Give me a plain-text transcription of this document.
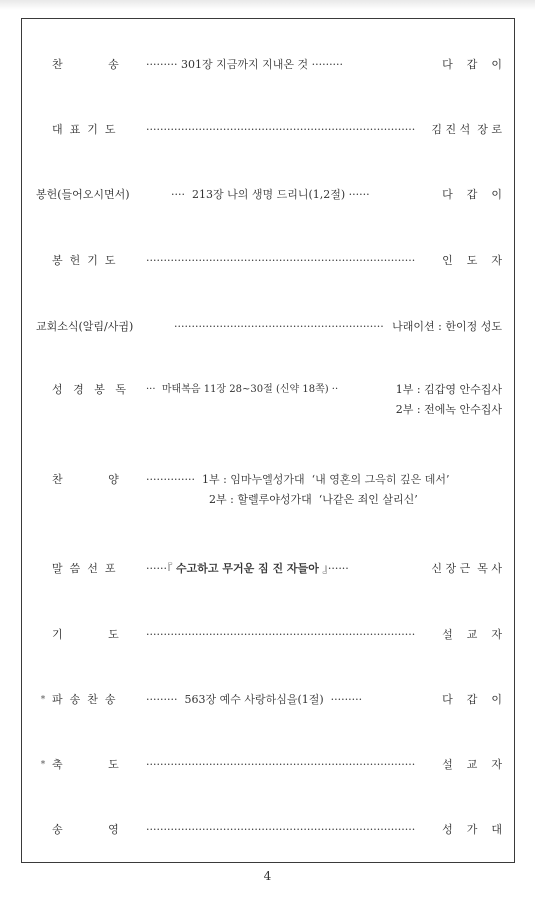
찬             송	········· 301장 지금까지 지내온 것 ·········	다    갑    이
대  표  기  도	············································································· 김 진 석  장 로
봉헌(들어오시면서)	····  213장 나의 생명 드리니(1,2절) ······	다    갑    이
봉  헌  기  도	············································································· 인    도    자
교회소식(알림/사귐)	···························································· 나래이션 : 한이정 성도
성   경   봉   독 ···  마태복음 11장 28~30절 (신약 18쪽) ··	1부 : 김갑영 안수집사
2부 : 전에녹 안수집사
찬             양 ··············  1부 : 임마누엘성가대  ‘내 영혼의 그윽히 깊은 데서’
2부 : 할렐루야성가대  ‘나같은 죄인 살리신’
말  씀  선  포	······『 수고하고 무거운 짐 진 자들아 』······	신 장 근  목 사
기             도 ············································································· 설    교    자
* 파  송  찬  송	·········  563장 예수 사랑하심을(1절)  ·········	다    갑    이
* 축             도 ············································································· 설    교    자
송             영 ············································································· 성    가    대
4
